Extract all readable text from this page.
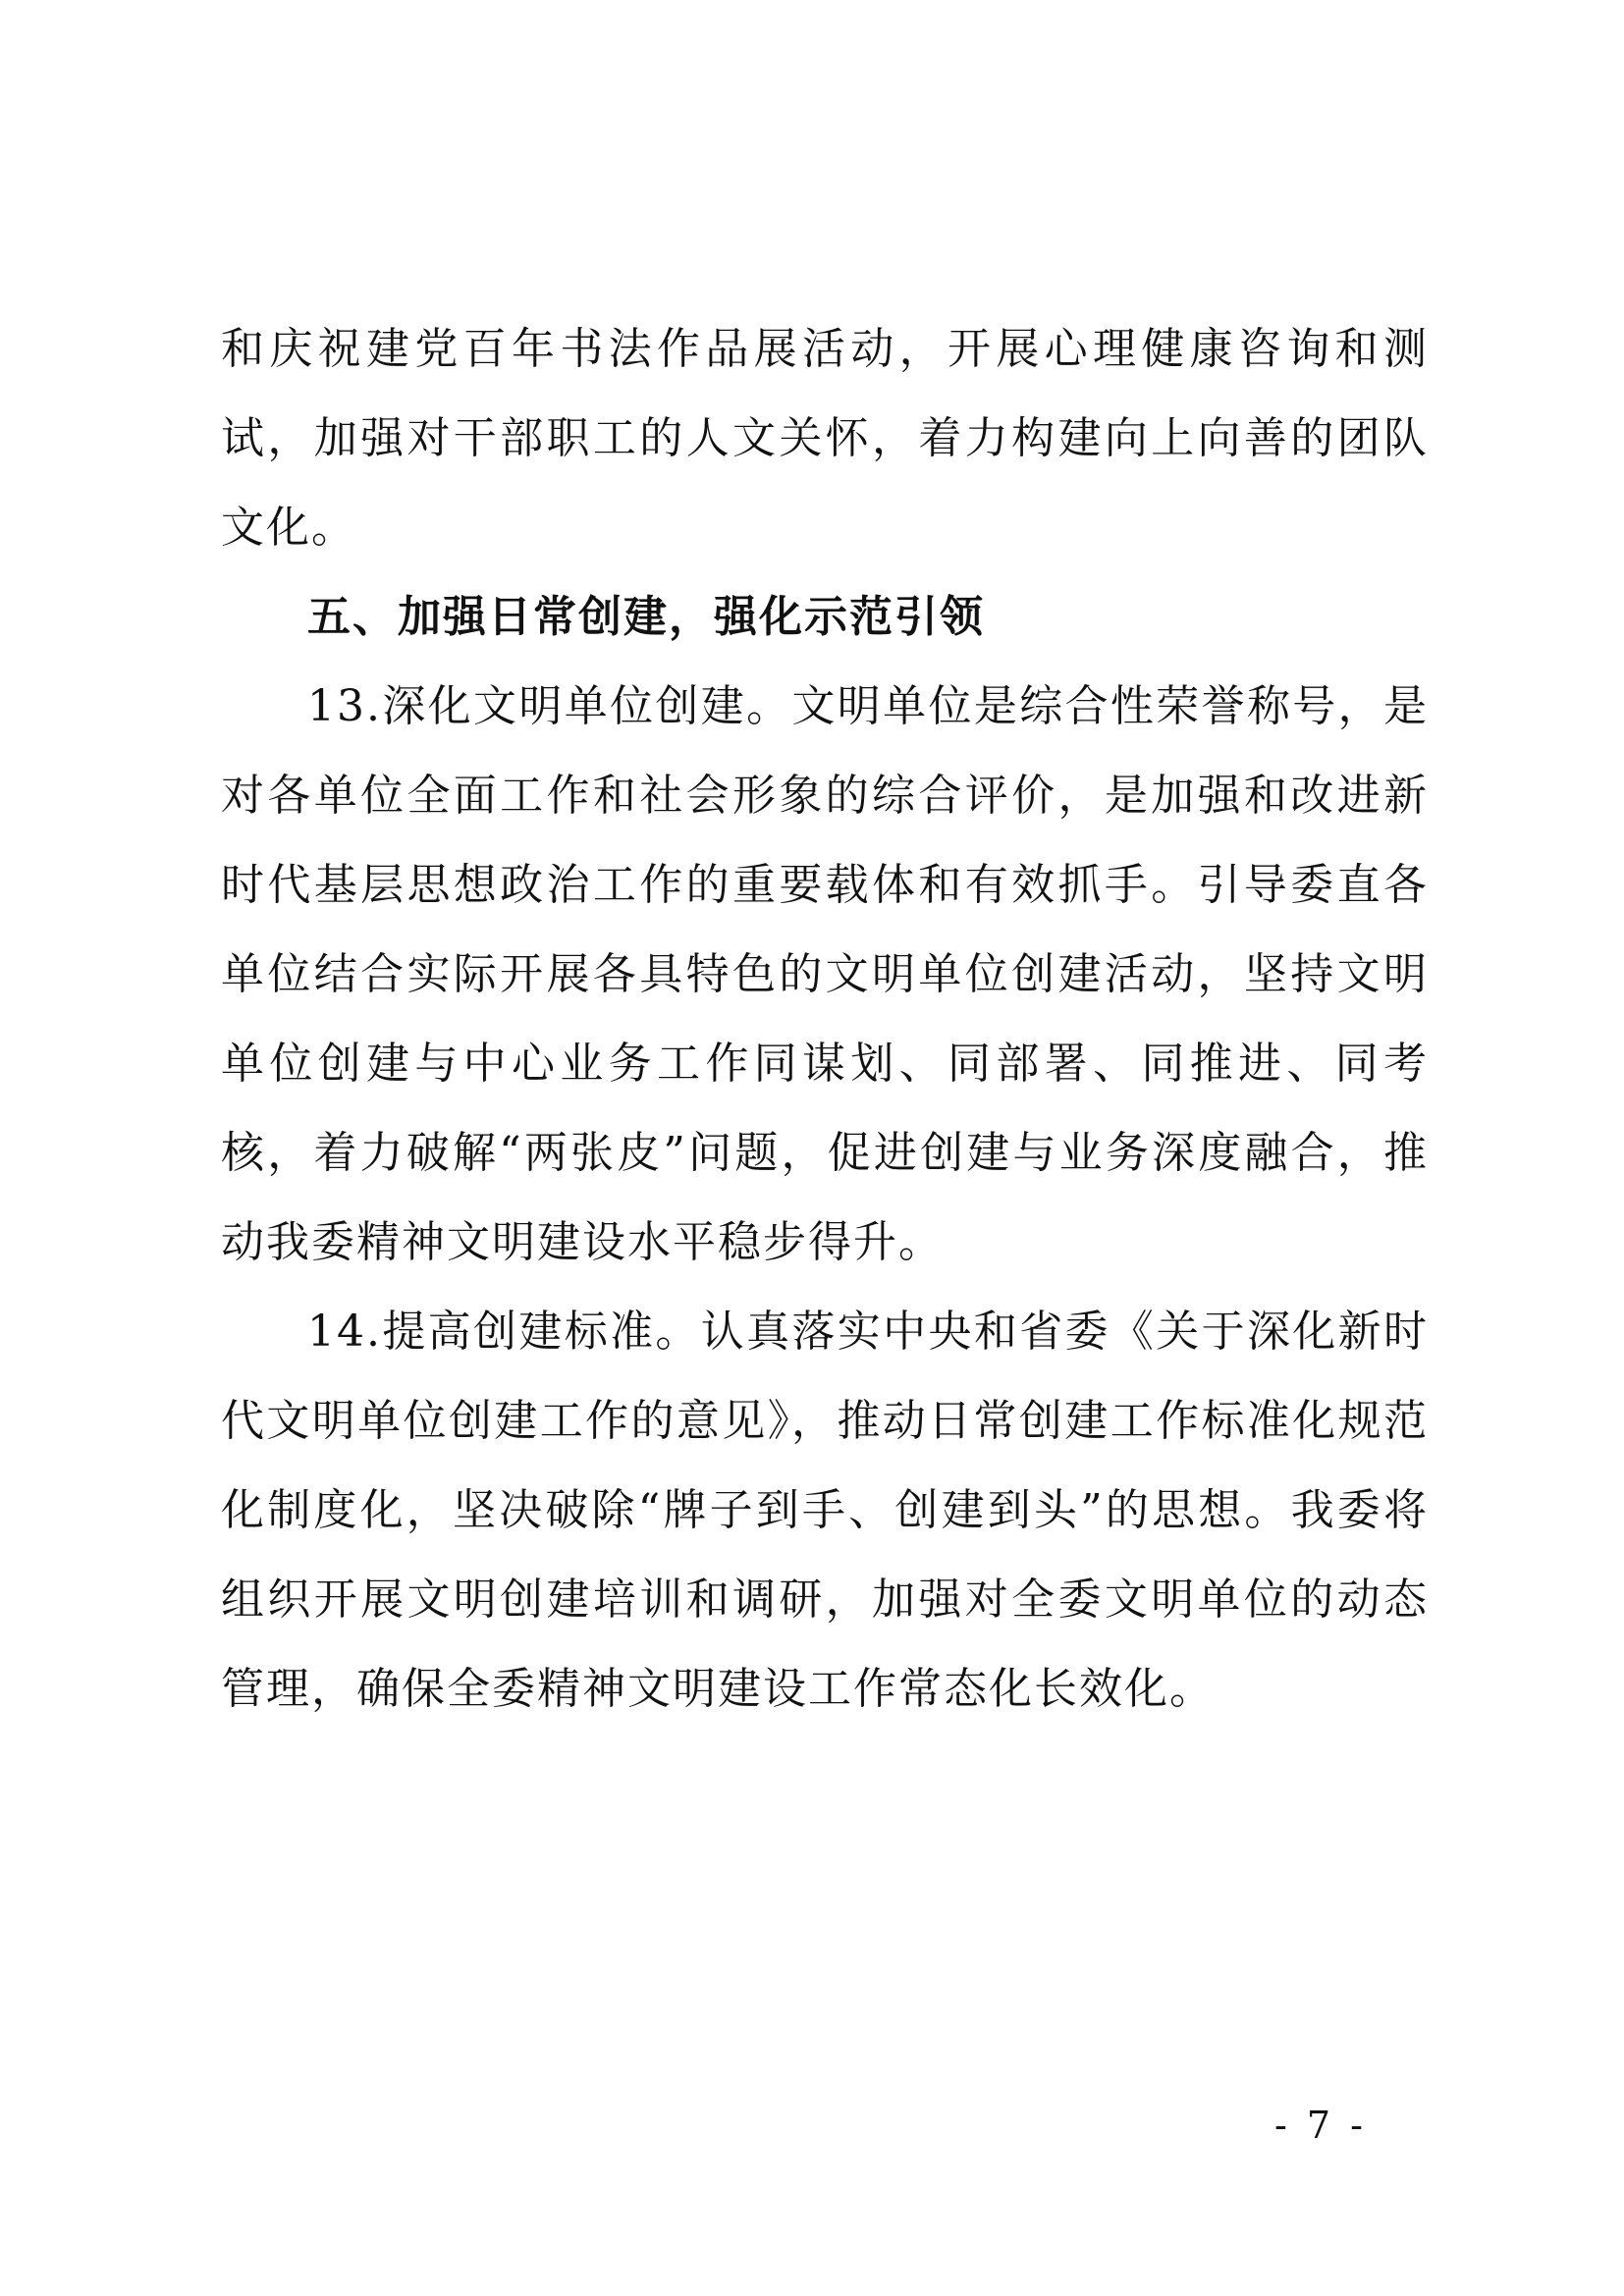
和庆祝建党百年书法作品展活动，开展心理健康咨询和测试，加强对干部职工的人文关怀，着力构建向上向善的团队文化。

五、加强日常创建，强化示范引领

13.深化文明单位创建。文明单位是综合性荣誉称号，是对各单位全面工作和社会形象的综合评价，是加强和改进新时代基层思想政治工作的重要载体和有效抓手。引导委直各单位结合实际开展各具特色的文明单位创建活动，坚持文明单位创建与中心业务工作同谋划、同部署、同推进、同考核，着力破解“两张皮”问题，促进创建与业务深度融合，推动我委精神文明建设水平稳步得升。

14.提高创建标准。认真落实中央和省委《关于深化新时代文明单位创建工作的意见》，推动日常创建工作标准化规范化制度化，坚决破除“牌子到手、创建到头”的思想。我委将组织开展文明创建培训和调研，加强对全委文明单位的动态管理，确保全委精神文明建设工作常态化长效化。

- 7 -
